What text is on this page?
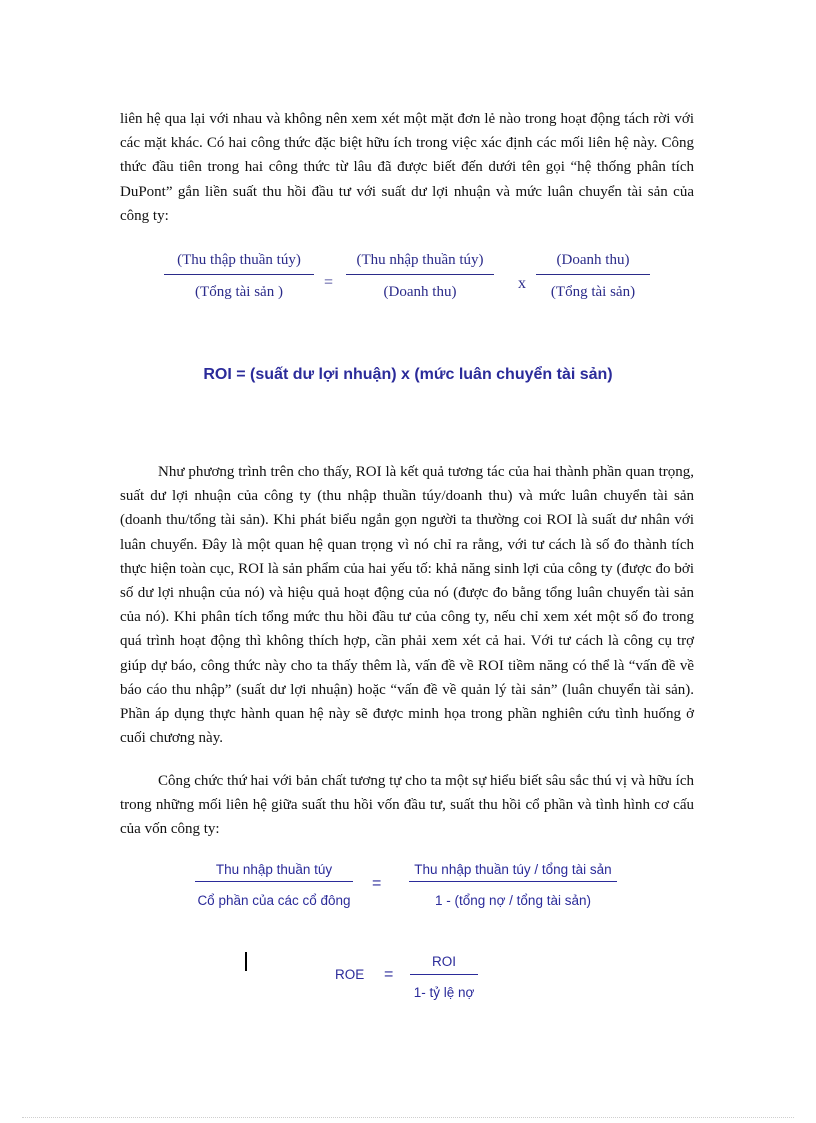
liên hệ qua lại với nhau và không nên xem xét một mặt đơn lẻ nào trong hoạt động tách rời với các mặt khác. Có hai công thức đặc biệt hữu ích trong việc xác định các mối liên hệ này. Công thức đầu tiên trong hai công thức từ lâu đã được biết đến dưới tên gọi “hệ thống phân tích DuPont” gắn liền suất thu hồi đầu tư với suất dư lợi nhuận và mức luân chuyển tài sản của công ty:

(Thu thập thuần túy)
(Tổng tài sản )
=
(Thu nhập thuần túy)
(Doanh thu)	x
(Doanh thu)
(Tổng tài sản)
ROI = (suất dư lợi nhuận) x (mức luân chuyển tài sản)

Như phương trình trên cho thấy, ROI là kết quả tương tác của hai thành phần quan trọng, suất dư lợi nhuận của công ty (thu nhập thuần túy/doanh thu) và mức luân chuyển tài sản (doanh thu/tổng tài sản). Khi phát biểu ngắn gọn người ta thường coi ROI là suất dư nhân với luân chuyển. Đây là một quan hệ quan trọng vì nó chỉ ra rằng, với tư cách là số đo thành tích thực hiện toàn cục, ROI là sản phẩm của hai yếu tố: khả năng sinh lợi của công ty (được đo bởi số dư lợi nhuận của nó) và hiệu quả hoạt động của nó (được đo bằng tổng luân chuyển tài sản của nó). Khi phân tích tổng mức thu hồi đầu tư của công ty, nếu chỉ xem xét một số đo trong quá trình hoạt động thì không thích hợp, cần phải xem xét cả hai. Với tư cách là công cụ trợ giúp dự báo, công thức này cho ta thấy thêm là, vấn đề về ROI tiềm năng có thể là “vấn đề về báo cáo thu nhập” (suất dư lợi nhuận) hoặc “vấn đề về quản lý tài sản” (luân chuyển tài sản). Phần áp dụng thực hành quan hệ này sẽ được minh họa trong phần nghiên cứu tình huống ở cuối chương này.

Công chức thứ hai với bản chất tương tự cho ta một sự hiểu biết sâu sắc thú vị và hữu ích trong những mối liên hệ giữa suất thu hồi vốn đầu tư, suất thu hồi cổ phần và tình hình cơ cấu của vốn công ty:

Thu nhập thuần túy
Cổ phần của các cổ đông
=
Thu nhập thuần túy / tổng tài sản
1 - (tổng nợ / tổng tài sản)
ROE =
ROI
1- tỷ lệ nợ
